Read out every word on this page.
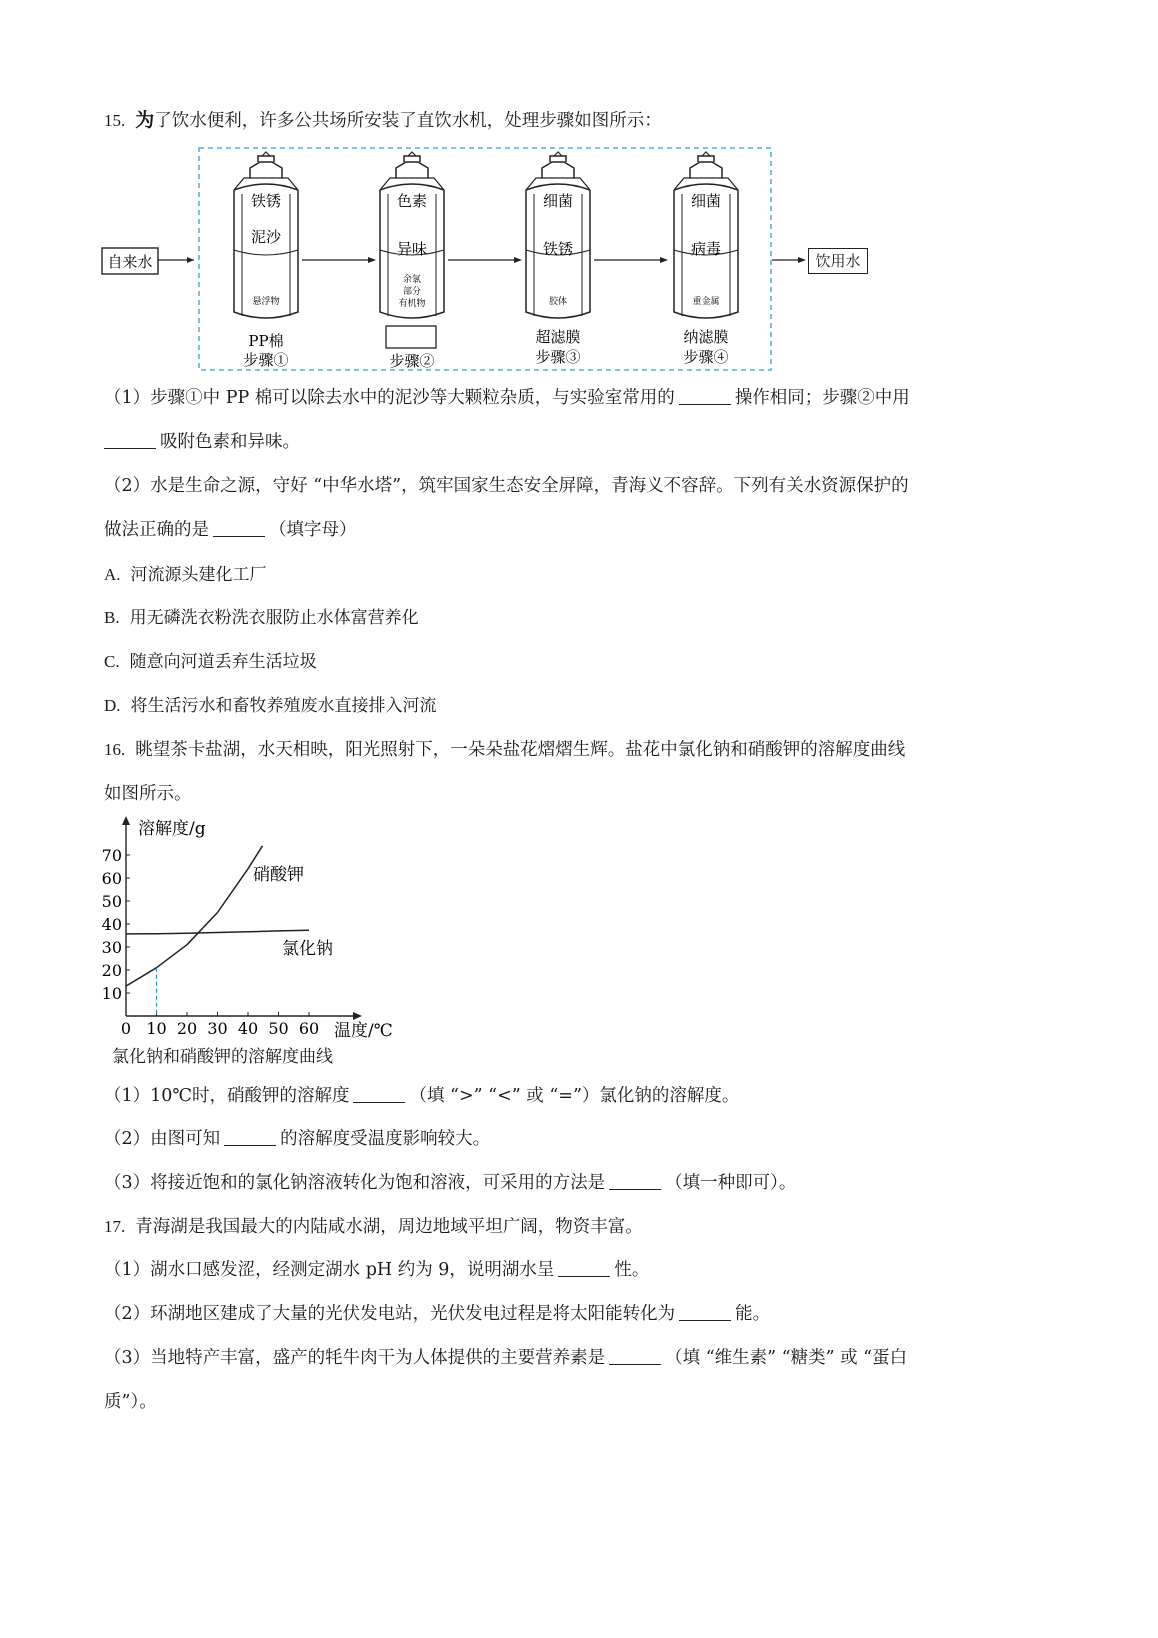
15. 为了饮水便利，许多公共场所安装了直饮水机，处理步骤如图所示：
自来水
铁锈
泥沙
悬浮物
色素
异味
余氯
部分
有机物
细菌
铁锈
胶体
细菌
病毒
重金属
PP棉
步骤①	步骤②
超滤膜
步骤③
纳滤膜
步骤④
饮用水
（1）步骤①中 PP 棉可以除去水中的泥沙等大颗粒杂质，与实验室常用的	操作相同；步骤②中用
吸附色素和异味。
（2）水是生命之源，守好 “中华水塔”，筑牢国家生态安全屏障，青海义不容辞。下列有关水资源保护的
做法正确的是	（填字母）
A. 河流源头建化工厂
B. 用无磷洗衣粉洗衣服防止水体富营养化
C. 随意向河道丢弃生活垃圾
D. 将生活污水和畜牧养殖废水直接排入河流
16. 眺望茶卡盐湖，水天相映，阳光照射下，一朵朵盐花熠熠生辉。盐花中氯化钠和硝酸钾的溶解度曲线
如图所示。
溶解度/g
温度/℃
10
20
30
40
50
60
70
0 10 20 30 40 50 60
硝酸钾
氯化钠
氯化钠和硝酸钾的溶解度曲线
（1）10℃时，硝酸钾的溶解度	（填 “>” “<” 或 “=”）氯化钠的溶解度。
（2）由图可知	的溶解度受温度影响较大。
（3）将接近饱和的氯化钠溶液转化为饱和溶液，可采用的方法是	（填一种即可）。
17. 青海湖是我国最大的内陆咸水湖，周边地域平坦广阔，物资丰富。
（1）湖水口感发涩，经测定湖水 pH 约为 9，说明湖水呈	性。
（2）环湖地区建成了大量的光伏发电站，光伏发电过程是将太阳能转化为	能。
（3）当地特产丰富，盛产的牦牛肉干为人体提供的主要营养素是	（填 “维生素” “糖类” 或 “蛋白
质”）。
